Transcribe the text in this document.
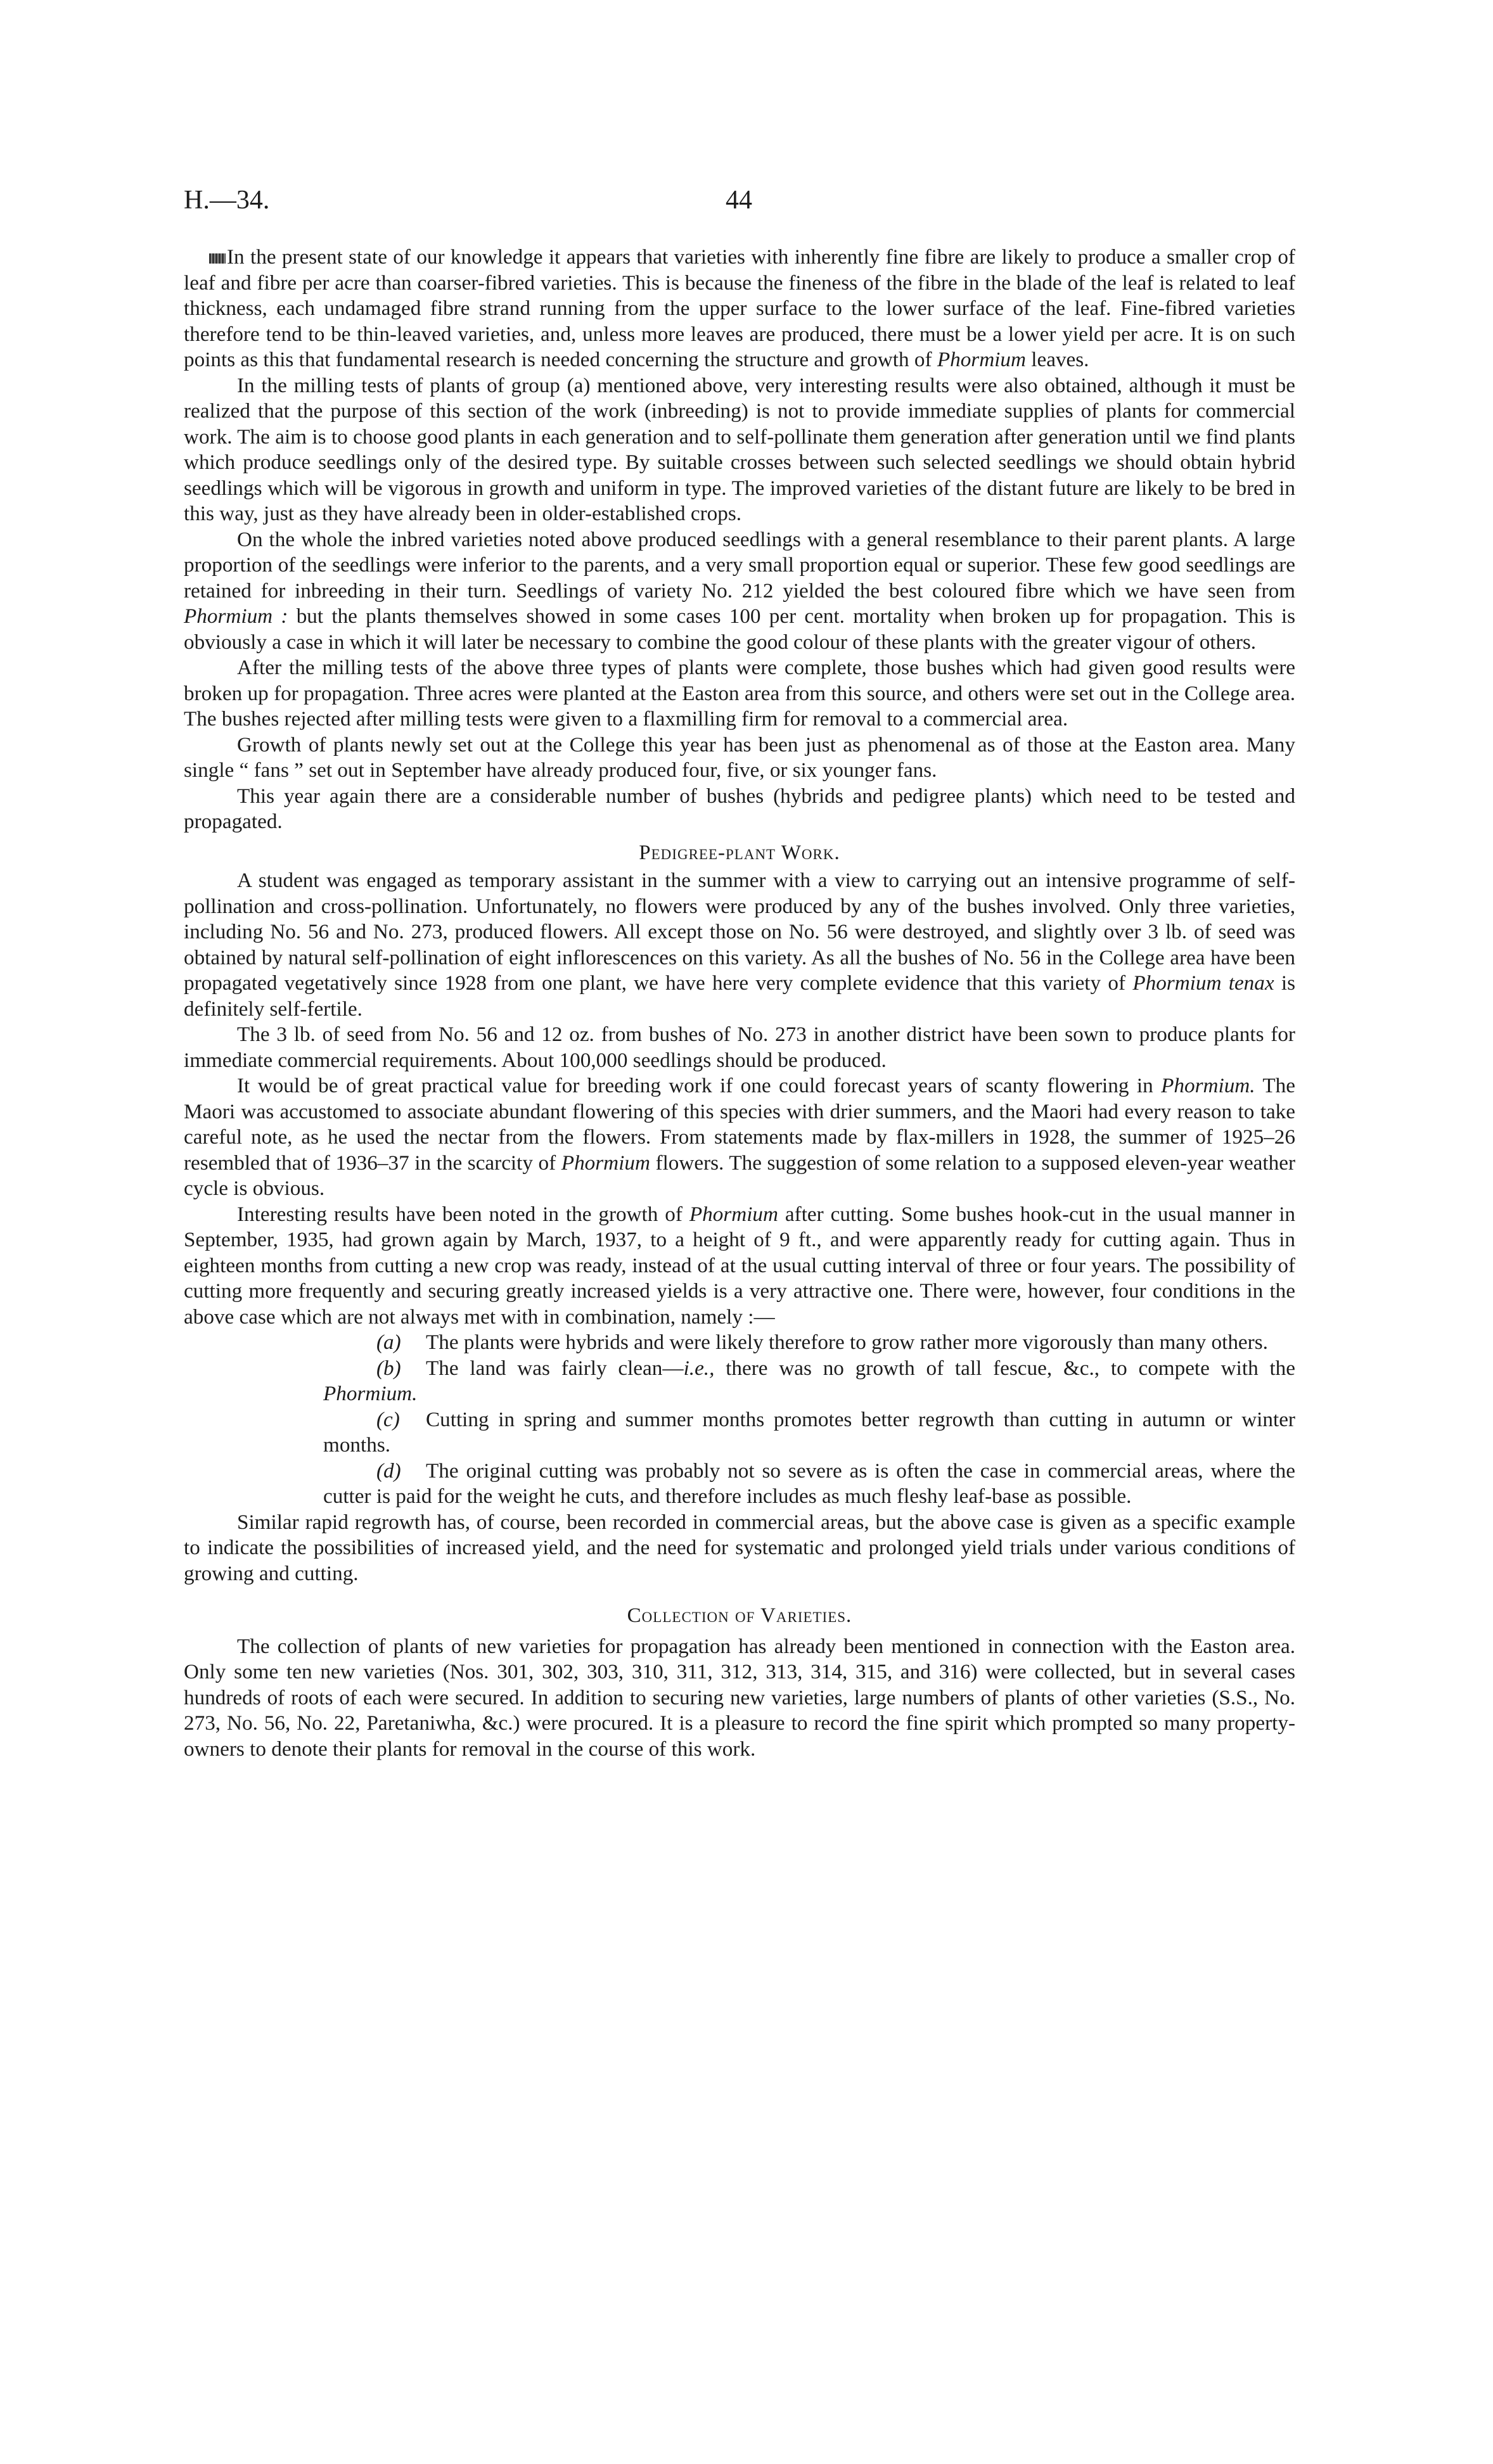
H.—34.	44

In the present state of our knowledge it appears that varieties with inherently fine fibre are likely to produce a smaller crop of leaf and fibre per acre than coarser-fibred varieties. This is because the fineness of the fibre in the blade of the leaf is related to leaf thickness, each undamaged fibre strand running from the upper surface to the lower surface of the leaf. Fine-fibred varieties therefore tend to be thin-leaved varieties, and, unless more leaves are produced, there must be a lower yield per acre. It is on such points as this that fundamental research is needed concerning the structure and growth of Phormium leaves.

In the milling tests of plants of group (a) mentioned above, very interesting results were also obtained, although it must be realized that the purpose of this section of the work (inbreeding) is not to provide immediate supplies of plants for commercial work. The aim is to choose good plants in each generation and to self-pollinate them generation after generation until we find plants which produce seedlings only of the desired type. By suitable crosses between such selected seedlings we should obtain hybrid seedlings which will be vigorous in growth and uniform in type. The improved varieties of the distant future are likely to be bred in this way, just as they have already been in older-established crops.

On the whole the inbred varieties noted above produced seedlings with a general resemblance to their parent plants. A large proportion of the seedlings were inferior to the parents, and a very small proportion equal or superior. These few good seedlings are retained for inbreeding in their turn. Seedlings of variety No. 212 yielded the best coloured fibre which we have seen from Phormium : but the plants themselves showed in some cases 100 per cent. mortality when broken up for propagation. This is obviously a case in which it will later be necessary to combine the good colour of these plants with the greater vigour of others.

After the milling tests of the above three types of plants were complete, those bushes which had given good results were broken up for propagation. Three acres were planted at the Easton area from this source, and others were set out in the College area. The bushes rejected after milling tests were given to a flaxmilling firm for removal to a commercial area.

Growth of plants newly set out at the College this year has been just as phenomenal as of those at the Easton area. Many single “ fans ” set out in September have already produced four, five, or six younger fans.

This year again there are a considerable number of bushes (hybrids and pedigree plants) which need to be tested and propagated.

Pedigree-plant Work.

A student was engaged as temporary assistant in the summer with a view to carrying out an intensive programme of self-pollination and cross-pollination. Unfortunately, no flowers were produced by any of the bushes involved. Only three varieties, including No. 56 and No. 273, produced flowers. All except those on No. 56 were destroyed, and slightly over 3 lb. of seed was obtained by natural self-pollination of eight inflorescences on this variety. As all the bushes of No. 56 in the College area have been propagated vegetatively since 1928 from one plant, we have here very complete evidence that this variety of Phormium tenax is definitely self-fertile.

The 3 lb. of seed from No. 56 and 12 oz. from bushes of No. 273 in another district have been sown to produce plants for immediate commercial requirements. About 100,000 seedlings should be produced.

It would be of great practical value for breeding work if one could forecast years of scanty flowering in Phormium. The Maori was accustomed to associate abundant flowering of this species with drier summers, and the Maori had every reason to take careful note, as he used the nectar from the flowers. From statements made by flax-millers in 1928, the summer of 1925–26 resembled that of 1936–37 in the scarcity of Phormium flowers. The suggestion of some relation to a supposed eleven-year weather cycle is obvious.

Interesting results have been noted in the growth of Phormium after cutting. Some bushes hook-cut in the usual manner in September, 1935, had grown again by March, 1937, to a height of 9 ft., and were apparently ready for cutting again. Thus in eighteen months from cutting a new crop was ready, instead of at the usual cutting interval of three or four years. The possibility of cutting more frequently and securing greatly increased yields is a very attractive one. There were, however, four conditions in the above case which are not always met with in combination, namely :—

(a) The plants were hybrids and were likely therefore to grow rather more vigorously than many others.

(b) The land was fairly clean—i.e., there was no growth of tall fescue, &c., to compete with the Phormium.

(c) Cutting in spring and summer months promotes better regrowth than cutting in autumn or winter months.

(d) The original cutting was probably not so severe as is often the case in commercial areas, where the cutter is paid for the weight he cuts, and therefore includes as much fleshy leaf-base as possible.

Similar rapid regrowth has, of course, been recorded in commercial areas, but the above case is given as a specific example to indicate the possibilities of increased yield, and the need for systematic and prolonged yield trials under various conditions of growing and cutting.

Collection of Varieties.

The collection of plants of new varieties for propagation has already been mentioned in connection with the Easton area. Only some ten new varieties (Nos. 301, 302, 303, 310, 311, 312, 313, 314, 315, and 316) were collected, but in several cases hundreds of roots of each were secured. In addition to securing new varieties, large numbers of plants of other varieties (S.S., No. 273, No. 56, No. 22, Paretaniwha, &c.) were procured. It is a pleasure to record the fine spirit which prompted so many property-owners to denote their plants for removal in the course of this work.
